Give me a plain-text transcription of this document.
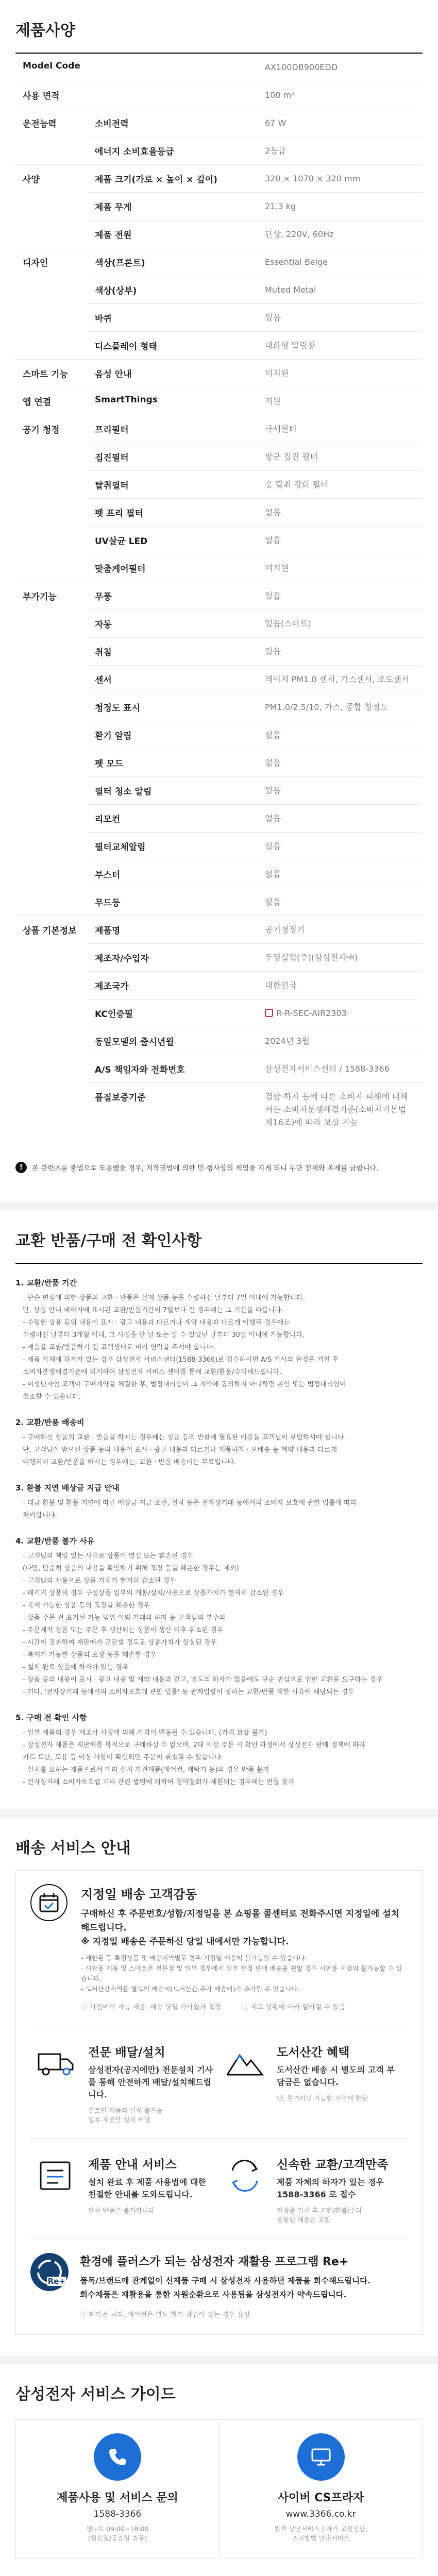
제품사양
Model Code	AX100DB900EDD
사용 면적	100 m²
운전능력	소비전력	67 W
에너지 소비효율등급	2등급
사양	제품 크기(가로 × 높이 × 깊이)	320 × 1070 × 320 mm
제품 무게	21.3 kg
제품 전원	단상, 220V, 60Hz
디자인	색상(프론트)	Essential Beige
색상(상부)	Muted Metal
바퀴	있음
디스플레이 형태	대화형 알림창
스마트 기능	음성 안내	미지원
앱 연결	SmartThings	지원
공기 청정	프리필터	극세필터
집진필터	항균 집진 필터
탈취필터	숯 탈취 강화 필터
펫 프리 필터	없음
UV살균 LED	없음
맞춤케어필터	미지원
부가기능	무풍	있음
자동	있음(스마트)
취침	있음
센서	레이저 PM1.0 센서, 가스센서, 조도센서
청정도 표시	PM1.0/2.5/10, 가스, 종합 청정도
환기 알림	없음
펫 모드	없음
필터 청소 알림	있음
리모컨	없음
필터교체알림	있음
부스터	없음
무드등	없음
상품 기본정보	제품명	공기청정기
제조자/수입자	두영실업(주)(삼성전자㈜)
제조국가	대한민국
KC인증필	R-R-SEC-AIR2303
동일모델의 출시년월	2024년 3월
A/S 책임자와 전화번호	삼성전자서비스센터 / 1588-3366
품질보증기준	결함·하자 등에 따른 소비자 피해에 대해서는 소비자분쟁해결기준(소비자기본법 제16조)에 따라 보상 가능
!	본 관련츠를 불법으로 도용했을 경우, 저작권법에 의한 민·형사상의 책임을 지게 되니 무단 전재와 복제를 금합니다.
교환 반품/구매 전 확인사항
1. 교환/반품 기간
- 단순 변심에 의한 상품의 교환 · 반품은 실제 상품 등을 수령하신 날부터 7일 이내에 가능합니다.
단, 상품 안내 페이지에 표시된 교환/반품기간이 7일보다 긴 경우에는 그 기간을 따릅니다.
- 수령한 상품 등의 내용이 표시 · 광고 내용과 다르거나 계약 내용과 다르게 이행된 경우에는
수령하신 날부터 3개월 이내, 그 사실을 안 날 또는 알 수 있었던 날부터 30일 이내에 가능합니다.
- 제품을 교환/반품하기 전 고객센터로 미리 연락을 주셔야 합니다.
- 제품 자체에 하자가 있는 경우 삼성전자 서비스센터(1588-3366)로 접수하시면 A/S 기사의 판정을 거친 후
소비자분쟁해결기준에 의거하여 삼성전자 서비스 센터를 통해 교환/환불/수리해드립니다.
- 미성년자인 고객이 구매계약을 체결한 후, 법정대리인이 그 계약에 동의하지 아니하면 본인 또는 법정대리인이
취소할 수 있습니다.
2. 교환/반품 배송비
- 구매하신 상품의 교환 · 반품을 하시는 경우에는 상품 등의 반환에 필요한 비용을 고객님이 부담하셔야 합니다.
단, 고객님이 받으신 상품 등의 내용이 표시 · 광고 내용과 다르거나 제품하자 · 오배송 등 계약 내용과 다르게
이행되어 교환/반품을 하시는 경우에는, 교환 · 반품 배송비는 무료입니다.
3. 환불 지연 배상금 지급 안내
- 대금 환불 및 환불 지연에 따른 배상금 지급 조건, 절차 등은 전자상거래 등에서의 소비자 보호에 관한 법률에 따라
처리합니다.
4. 교환/반품 불가 사유
- 고객님의 책임 있는 사유로 상품이 멸실 또는 훼손된 경우
(다만, 단순히 상품의 내용을 확인하기 위해 포장 등을 훼손한 경우는 제외)
- 고객님의 사용으로 상품 가치가 현저히 감소된 경우
- 패키지 상품의 경우 구성상품 일부의 개봉/설치/사용으로 상품가치가 현저히 감소된 경우
- 복제 가능한 상품 등의 포장을 훼손한 경우
- 상품 주문 전 표기된 가능 범위 이외 거래의 하자 등 고객님의 부주의
- 주문제작 상품 또는 주문 후 생산되는 상품이 생산 이후 취소된 경우
- 시간이 경과하여 재판매가 곤란할 정도로 상품가치가 상실된 경우
- 복제가 가능한 상품의 포장 등을 훼손한 경우
- 설치 완료 상품에 하자가 있는 경우
- 상품 등의 내용이 표시 · 광고 내용 및 계약 내용과 같고, 별도의 하자가 없음에도 단순 변심으로 인한 교환을 요구하는 경우
- 기타, '전자상거래 등에서의 소비자보호에 관한 법률' 등 관계법령이 정하는 교환/반품 제한 사유에 해당되는 경우
5. 구매 전 확인 사항
- 일부 제품의 경우 제조사 사정에 의해 가격이 변동될 수 있습니다. (가격 보상 불가)
- 삼성전자 제품은 재판매를 목적으로 구매하실 수 없으며, 2대 이상 주문 시 확인 과정에서 삼성전자 판매 정책에 따라
카드 도난, 도용 등 이상 사항이 확인되면 주문이 취소될 수 있습니다.
- 설치를 요하는 제품으로서 미리 설치 가전제품(에어컨, 세탁기 등)의 경우 반품 불가
- 전자상거래 소비자보호법 기타 관련 법령에 의하여 청약철회가 제한되는 경우에는 반품 불가
배송 서비스 안내
지정일 배송 고객감동
구매하신 후 주문번호/성함/지정일을 본 쇼핑몰 콜센터로 전화주시면 지정일에 설치해드립니다.
※ 지정일 배송은 주문하신 당일 내에서만 가능합니다.
- 제한된 등 특정상품 및 배송지역별로 경우 지정일 배송이 불가능할 수 있습니다.
- 시판용 제품 및 스마트폰 전문점 및 일부 경우에서 일부 한정 판매 배송을 원할 경우 시판용 지점의 물가능할 수 있습니다.
- 도서산간지역은 별도의 배송비(도서산간 추가 배송비)가 추가될 수 있습니다.
ⓘ 사전예약 가능 제품: 배송 당일 가사일과 조정	ⓘ 제고 상황에 따라 달라질 수 있음
전문 배달/설치
삼성전자(공지에만) 전문설치 기사를 통해 안전하게 배달/설치해드립니다.
빌트인 제품의 설치 불가능
일부 제품만 설치 해당
도서산간 혜택
도서산간 배송 시 별도의 고객 부담금은 없습니다.
단, 원거리인 가능한 지역에 한함
제품 안내 서비스
설치 완료 후 제품 사용법에 대한 친절한 안내를 도와드립니다.
단순 반품은 불가합니다
신속한 교환/고객만족
제품 자체의 하자가 있는 경우 1588-3366 로 접수
판정을 거친 후 교환/환불/수리
공통된 제품은 교환
Re+
환경에 플러스가 되는 삼성전자 재활용 프로그램 Re+
품목/브랜드에 관계없이 신제품 구매 시 삼성전자 사용하던 제품을 회수해드립니다.
회수제품은 재활용을 통한 자원순환으로 사용됨을 삼성전자가 약속드립니다.
ⓘ 폐가전 처리, 에어컨은 별도 철거 작업이 있는 경우 유상
삼성전자 서비스 가이드
제품사용 및 서비스 문의
1588-3366
평~토 09:00~18:00
(일요일/공휴일 휴무)
사이버 CS프라자
www.3366.co.kr
원격 상담서비스 / 자가 고장진단,
조치방법 안내서비스
